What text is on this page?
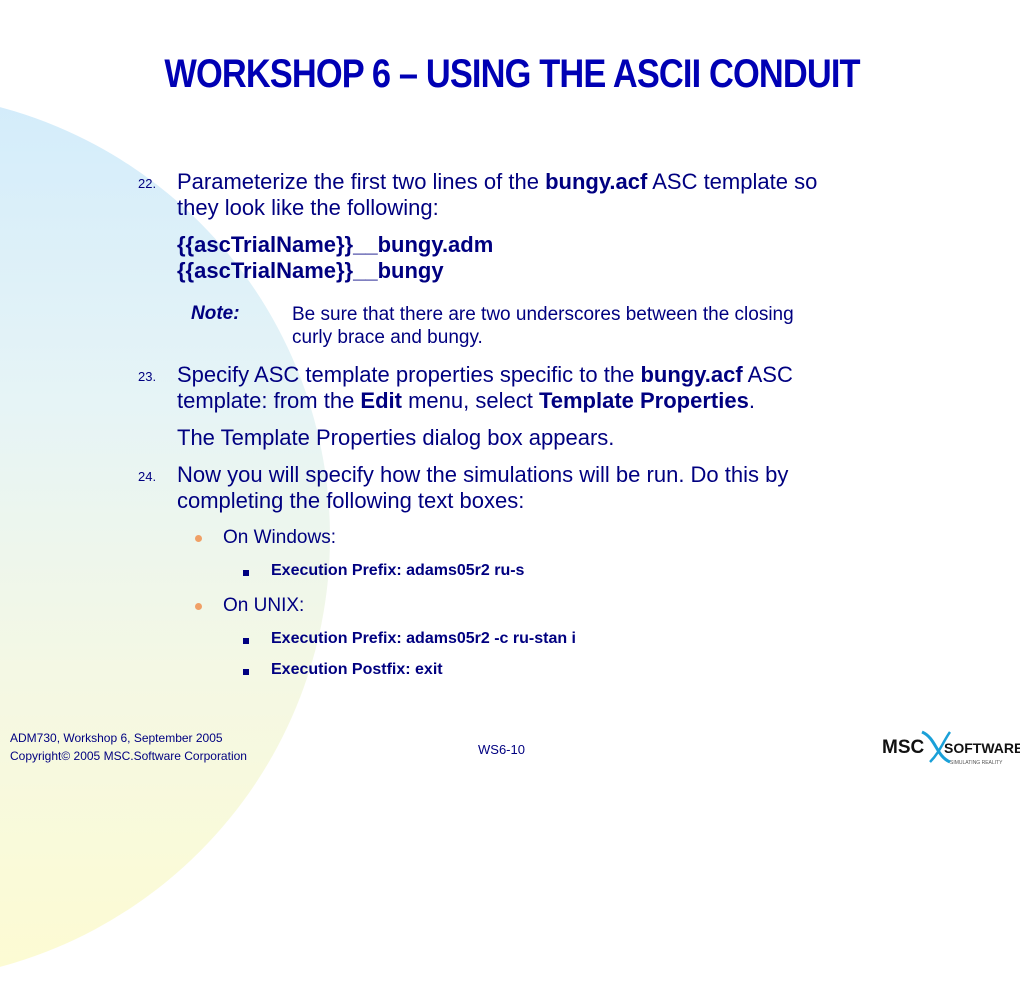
WORKSHOP 6 – USING THE ASCII CONDUIT
22. Parameterize the first two lines of the bungy.acf ASC template so
they look like the following:
{{ascTrialName}}__bungy.adm
{{ascTrialName}}__bungy
Note:	Be sure that there are two underscores between the closing
curly brace and bungy.
23. Specify ASC template properties specific to the bungy.acf ASC
template: from the Edit menu, select Template Properties.
The Template Properties dialog box appears.
24. Now you will specify how the simulations will be run. Do this by
completing the following text boxes:
On Windows:
Execution Prefix: adams05r2 ru-s
On UNIX:
Execution Prefix: adams05r2 -c ru-stan i
Execution Postfix: exit
ADM730, Workshop 6, September 2005
Copyright© 2005 MSC.Software Corporation	WS6-10	MSC SOFTWARE
SIMULATING REALITY
